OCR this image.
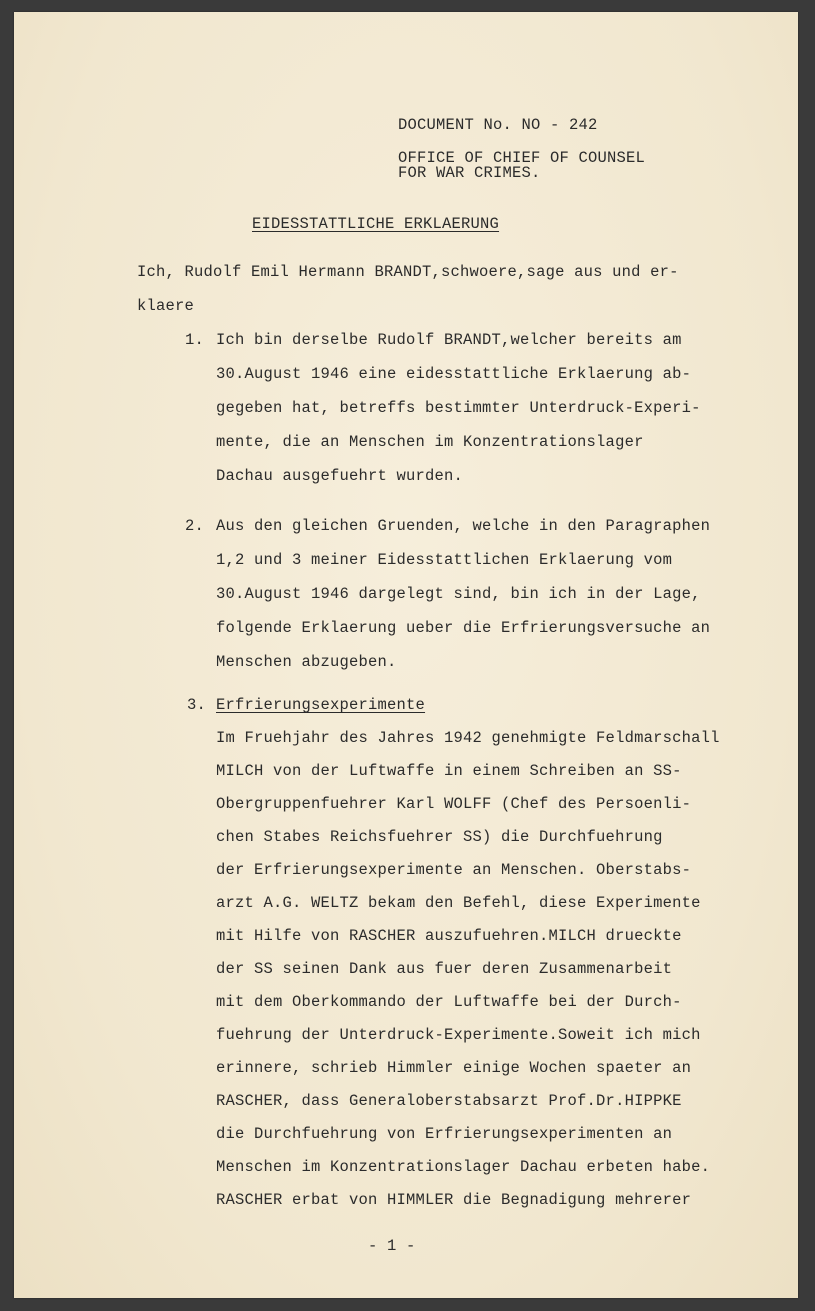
DOCUMENT No. NO - 242
OFFICE OF CHIEF OF COUNSEL
FOR WAR CRIMES.
EIDESSTATTLICHE ERKLAERUNG
Ich, Rudolf Emil Hermann BRANDT,schwoere,sage aus und er-
klaere
1. Ich bin derselbe Rudolf BRANDT,welcher bereits am
30.August 1946 eine eidesstattliche Erklaerung ab-
gegeben hat, betreffs bestimmter Unterdruck-Experi-
mente, die an Menschen im Konzentrationslager
Dachau ausgefuehrt wurden.
2. Aus den gleichen Gruenden, welche in den Paragraphen
1,2 und 3 meiner Eidesstattlichen Erklaerung vom
30.August 1946 dargelegt sind, bin ich in der Lage,
folgende Erklaerung ueber die Erfrierungsversuche an
Menschen abzugeben.
3. Erfrierungsexperimente
Im Fruehjahr des Jahres 1942 genehmigte Feldmarschall
MILCH von der Luftwaffe in einem Schreiben an SS-
Obergruppenfuehrer Karl WOLFF (Chef des Persoenli-
chen Stabes Reichsfuehrer SS) die Durchfuehrung
der Erfrierungsexperimente an Menschen. Oberstabs-
arzt A.G. WELTZ bekam den Befehl, diese Experimente
mit Hilfe von RASCHER auszufuehren.MILCH drueckte
der SS seinen Dank aus fuer deren Zusammenarbeit
mit dem Oberkommando der Luftwaffe bei der Durch-
fuehrung der Unterdruck-Experimente.Soweit ich mich
erinnere, schrieb Himmler einige Wochen spaeter an
RASCHER, dass Generaloberstabsarzt Prof.Dr.HIPPKE
die Durchfuehrung von Erfrierungsexperimenten an
Menschen im Konzentrationslager Dachau erbeten habe.
RASCHER erbat von HIMMLER die Begnadigung mehrerer
- 1 -
